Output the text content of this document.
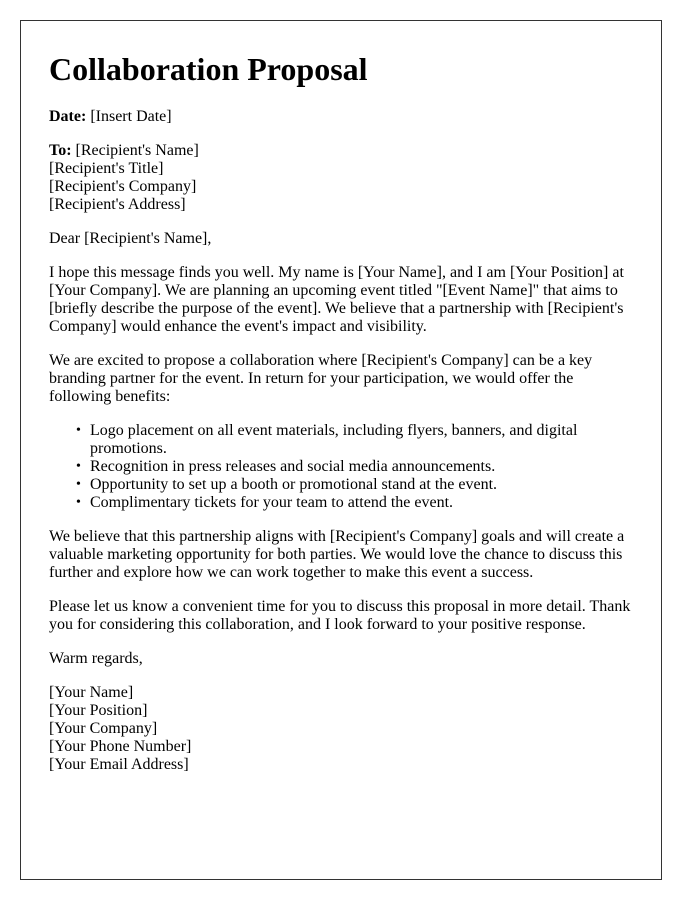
Collaboration Proposal

Date: [Insert Date]

To: [Recipient's Name]
[Recipient's Title]
[Recipient's Company]
[Recipient's Address]

Dear [Recipient's Name],

I hope this message finds you well. My name is [Your Name], and I am [Your Position] at [Your Company]. We are planning an upcoming event titled "[Event Name]" that aims to [briefly describe the purpose of the event]. We believe that a partnership with [Recipient's Company] would enhance the event's impact and visibility.

We are excited to propose a collaboration where [Recipient's Company] can be a key branding partner for the event. In return for your participation, we would offer the following benefits:

• Logo placement on all event materials, including flyers, banners, and digital promotions.
• Recognition in press releases and social media announcements.
• Opportunity to set up a booth or promotional stand at the event.
• Complimentary tickets for your team to attend the event.

We believe that this partnership aligns with [Recipient's Company] goals and will create a valuable marketing opportunity for both parties. We would love the chance to discuss this further and explore how we can work together to make this event a success.

Please let us know a convenient time for you to discuss this proposal in more detail. Thank you for considering this collaboration, and I look forward to your positive response.

Warm regards,

[Your Name]
[Your Position]
[Your Company]
[Your Phone Number]
[Your Email Address]
